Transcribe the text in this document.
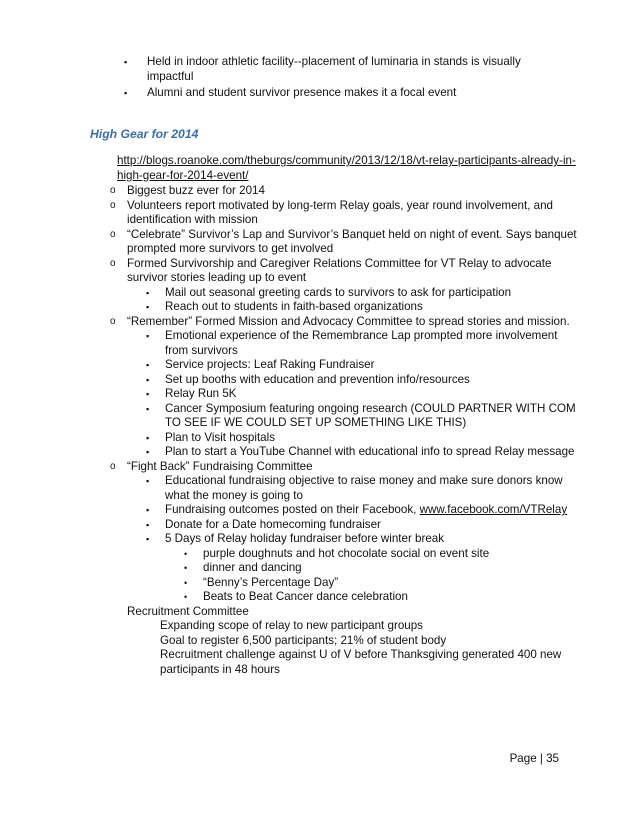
▪ Held in indoor athletic facility--placement of luminaria in stands is visually impactful
▪ Alumni and student survivor presence makes it a focal event
High Gear for 2014
http://blogs.roanoke.com/theburgs/community/2013/12/18/vt-relay-participants-already-in-high-gear-for-2014-event/
o Biggest buzz ever for 2014
o Volunteers report motivated by long-term Relay goals, year round involvement, and identification with mission
o “Celebrate” Survivor’s Lap and Survivor’s Banquet held on night of event. Says banquet prompted more survivors to get involved
o Formed Survivorship and Caregiver Relations Committee for VT Relay to advocate survivor stories leading up to event
▪ Mail out seasonal greeting cards to survivors to ask for participation
▪ Reach out to students in faith-based organizations
o “Remember” Formed Mission and Advocacy Committee to spread stories and mission.
▪ Emotional experience of the Remembrance Lap prompted more involvement from survivors
▪ Service projects: Leaf Raking Fundraiser
▪ Set up booths with education and prevention info/resources
▪ Relay Run 5K
▪ Cancer Symposium featuring ongoing research (COULD PARTNER WITH COM TO SEE IF WE COULD SET UP SOMETHING LIKE THIS)
▪ Plan to Visit hospitals
▪ Plan to start a YouTube Channel with educational info to spread Relay message
o “Fight Back” Fundraising Committee
▪ Educational fundraising objective to raise money and make sure donors know what the money is going to
▪ Fundraising outcomes posted on their Facebook, www.facebook.com/VTRelay
▪ Donate for a Date homecoming fundraiser
▪ 5 Days of Relay holiday fundraiser before winter break
• purple doughnuts and hot chocolate social on event site
• dinner and dancing
• “Benny’s Percentage Day”
• Beats to Beat Cancer dance celebration
Recruitment Committee
Expanding scope of relay to new participant groups
Goal to register 6,500 participants; 21% of student body
Recruitment challenge against U of V before Thanksgiving generated 400 new participants in 48 hours
Page | 35
